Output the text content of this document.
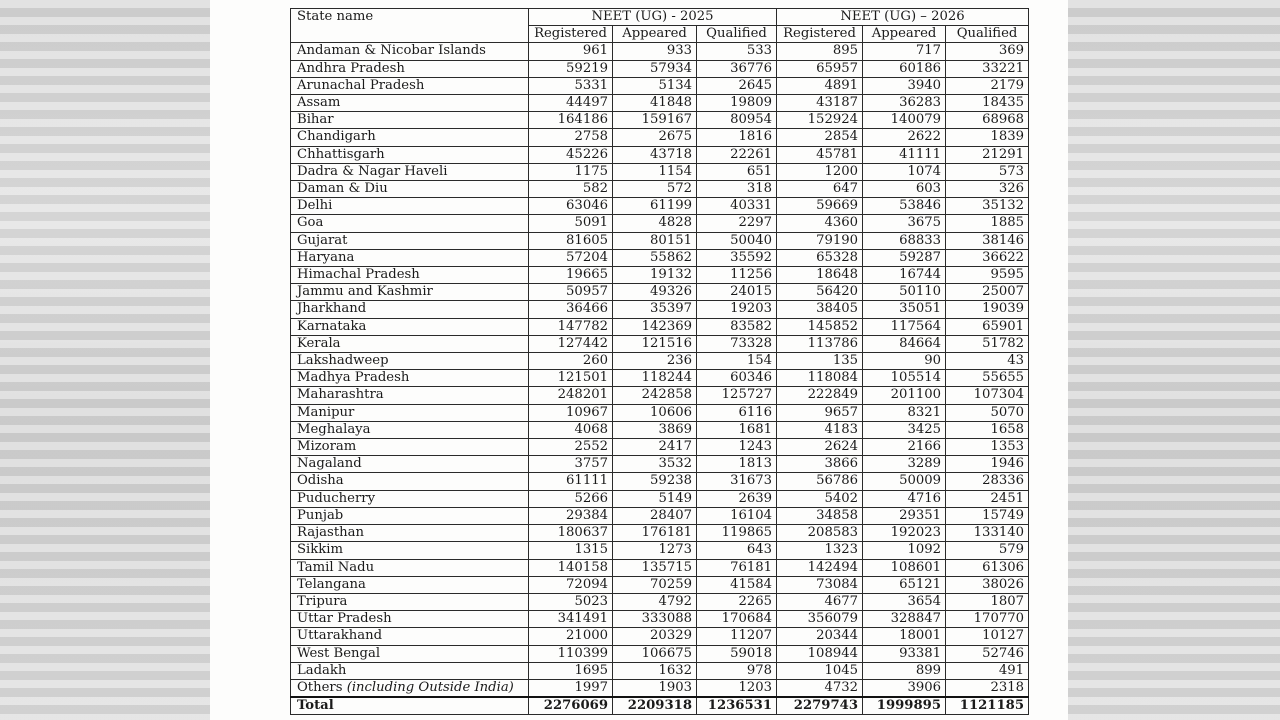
State name	NEET (UG) - 2025			NEET (UG) – 2026		
	Registered	Appeared	Qualified	Registered	Appeared	Qualified
Andaman & Nicobar Islands	961	933	533	895	717	369
Andhra Pradesh	59219	57934	36776	65957	60186	33221
Arunachal Pradesh	5331	5134	2645	4891	3940	2179
Assam	44497	41848	19809	43187	36283	18435
Bihar	164186	159167	80954	152924	140079	68968
Chandigarh	2758	2675	1816	2854	2622	1839
Chhattisgarh	45226	43718	22261	45781	41111	21291
Dadra & Nagar Haveli	1175	1154	651	1200	1074	573
Daman & Diu	582	572	318	647	603	326
Delhi	63046	61199	40331	59669	53846	35132
Goa	5091	4828	2297	4360	3675	1885
Gujarat	81605	80151	50040	79190	68833	38146
Haryana	57204	55862	35592	65328	59287	36622
Himachal Pradesh	19665	19132	11256	18648	16744	9595
Jammu and Kashmir	50957	49326	24015	56420	50110	25007
Jharkhand	36466	35397	19203	38405	35051	19039
Karnataka	147782	142369	83582	145852	117564	65901
Kerala	127442	121516	73328	113786	84664	51782
Lakshadweep	260	236	154	135	90	43
Madhya Pradesh	121501	118244	60346	118084	105514	55655
Maharashtra	248201	242858	125727	222849	201100	107304
Manipur	10967	10606	6116	9657	8321	5070
Meghalaya	4068	3869	1681	4183	3425	1658
Mizoram	2552	2417	1243	2624	2166	1353
Nagaland	3757	3532	1813	3866	3289	1946
Odisha	61111	59238	31673	56786	50009	28336
Puducherry	5266	5149	2639	5402	4716	2451
Punjab	29384	28407	16104	34858	29351	15749
Rajasthan	180637	176181	119865	208583	192023	133140
Sikkim	1315	1273	643	1323	1092	579
Tamil Nadu	140158	135715	76181	142494	108601	61306
Telangana	72094	70259	41584	73084	65121	38026
Tripura	5023	4792	2265	4677	3654	1807
Uttar Pradesh	341491	333088	170684	356079	328847	170770
Uttarakhand	21000	20329	11207	20344	18001	10127
West Bengal	110399	106675	59018	108944	93381	52746
Ladakh	1695	1632	978	1045	899	491
Others (including Outside India)	1997	1903	1203	4732	3906	2318
Total	2276069	2209318	1236531	2279743	1999895	1121185
